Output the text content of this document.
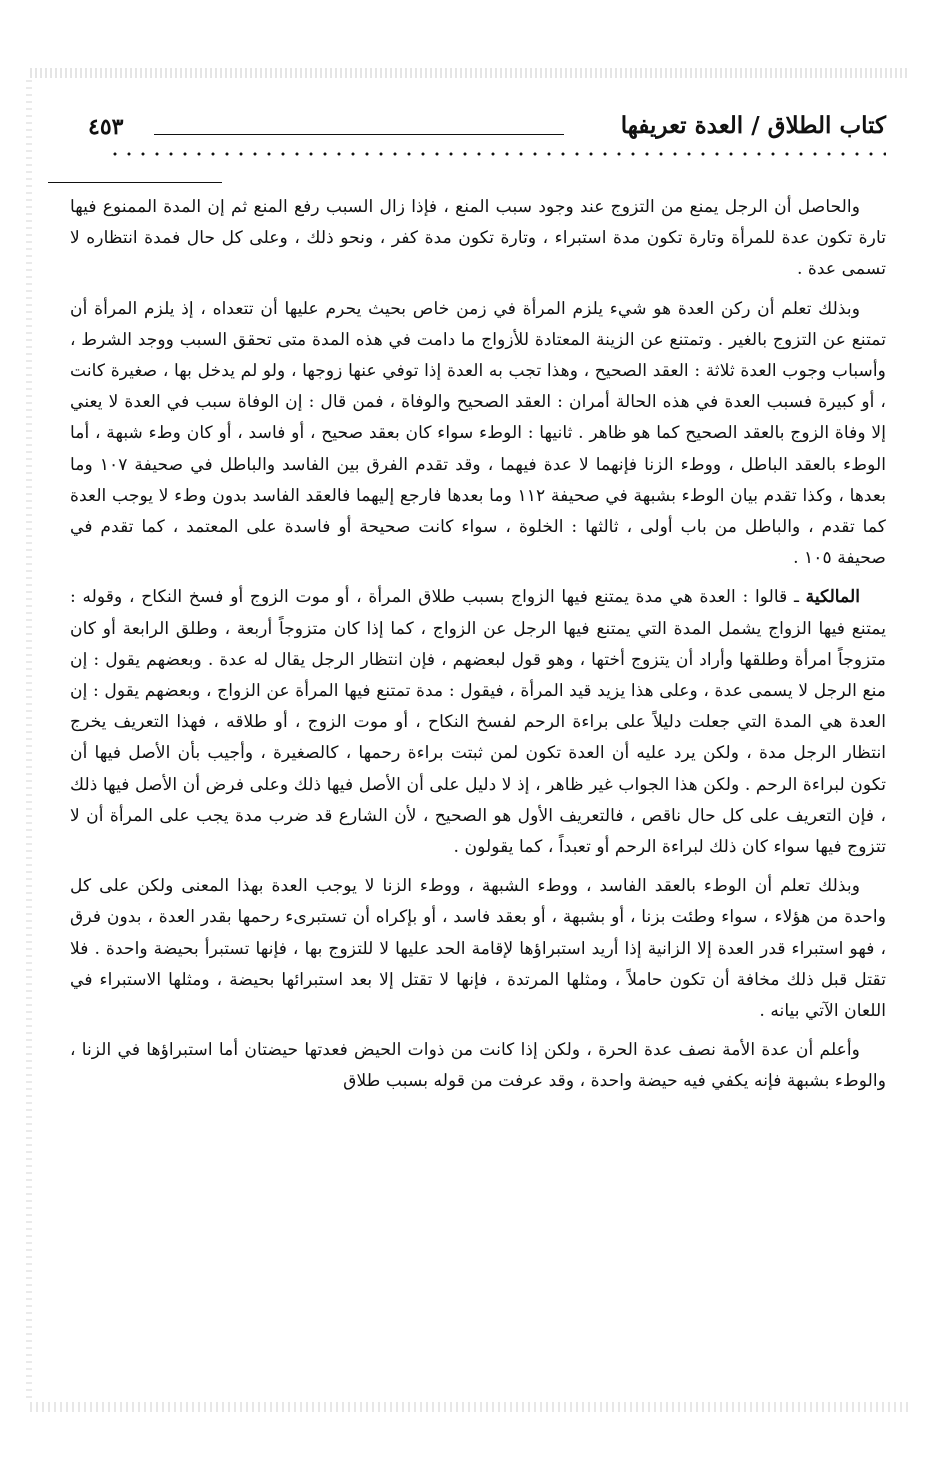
كتاب الطلاق / العدة تعريفها
٤٥٣

والحاصل أن الرجل يمنع من التزوج عند وجود سبب المنع ، فإذا زال السبب رفع المنع ثم إن المدة الممنوع فيها تارة تكون عدة للمرأة وتارة تكون مدة استبراء ، وتارة تكون مدة كفر ، ونحو ذلك ، وعلى كل حال فمدة انتظاره لا تسمى عدة .

وبذلك تعلم أن ركن العدة هو شيء يلزم المرأة في زمن خاص بحيث يحرم عليها أن تتعداه ، إذ يلزم المرأة أن تمتنع عن التزوج بالغير . وتمتنع عن الزينة المعتادة للأزواج ما دامت في هذه المدة متى تحقق السبب ووجد الشرط ، وأسباب وجوب العدة ثلاثة : العقد الصحيح ، وهذا تجب به العدة إذا توفي عنها زوجها ، ولو لم يدخل بها ، صغيرة كانت ، أو كبيرة فسبب العدة في هذه الحالة أمران : العقد الصحيح والوفاة ، فمن قال : إن الوفاة سبب في العدة لا يعني إلا وفاة الزوج بالعقد الصحيح كما هو ظاهر . ثانيها : الوطء سواء كان بعقد صحيح ، أو فاسد ، أو كان وطء شبهة ، أما الوطء بالعقد الباطل ، ووطء الزنا فإنهما لا عدة فيهما ، وقد تقدم الفرق بين الفاسد والباطل في صحيفة ١٠٧ وما بعدها ، وكذا تقدم بيان الوطء بشبهة في صحيفة ١١٢ وما بعدها فارجع إليهما فالعقد الفاسد بدون وطء لا يوجب العدة كما تقدم ، والباطل من باب أولى ، ثالثها : الخلوة ، سواء كانت صحيحة أو فاسدة على المعتمد ، كما تقدم في صحيفة ١٠٥ .

المالكية ـ قالوا : العدة هي مدة يمتنع فيها الزواج بسبب طلاق المرأة ، أو موت الزوج أو فسخ النكاح ، وقوله : يمتنع فيها الزواج يشمل المدة التي يمتنع فيها الرجل عن الزواج ، كما إذا كان متزوجاً أربعة ، وطلق الرابعة أو كان متزوجاً امرأة وطلقها وأراد أن يتزوج أختها ، وهو قول لبعضهم ، فإن انتظار الرجل يقال له عدة . وبعضهم يقول : إن منع الرجل لا يسمى عدة ، وعلى هذا يزيد قيد المرأة ، فيقول : مدة تمتنع فيها المرأة عن الزواج ، وبعضهم يقول : إن العدة هي المدة التي جعلت دليلاً على براءة الرحم لفسخ النكاح ، أو موت الزوج ، أو طلاقه ، فهذا التعريف يخرج انتظار الرجل مدة ، ولكن يرد عليه أن العدة تكون لمن ثبتت براءة رحمها ، كالصغيرة ، وأجيب بأن الأصل فيها أن تكون لبراءة الرحم . ولكن هذا الجواب غير ظاهر ، إذ لا دليل على أن الأصل فيها ذلك وعلى فرض أن الأصل فيها ذلك ، فإن التعريف على كل حال ناقص ، فالتعريف الأول هو الصحيح ، لأن الشارع قد ضرب مدة يجب على المرأة أن لا تتزوج فيها سواء كان ذلك لبراءة الرحم أو تعبداً ، كما يقولون .

وبذلك تعلم أن الوطء بالعقد الفاسد ، ووطء الشبهة ، ووطء الزنا لا يوجب العدة بهذا المعنى ولكن على كل واحدة من هؤلاء ، سواء وطئت بزنا ، أو بشبهة ، أو بعقد فاسد ، أو بإكراه أن تستبرىء رحمها بقدر العدة ، بدون فرق ، فهو استبراء قدر العدة إلا الزانية إذا أريد استبراؤها لإقامة الحد عليها لا للتزوج بها ، فإنها تستبرأ بحيضة واحدة . فلا تقتل قبل ذلك مخافة أن تكون حاملاً ، ومثلها المرتدة ، فإنها لا تقتل إلا بعد استبرائها بحيضة ، ومثلها الاستبراء في اللعان الآتي بيانه .

وأعلم أن عدة الأمة نصف عدة الحرة ، ولكن إذا كانت من ذوات الحيض فعدتها حيضتان أما استبراؤها في الزنا ، والوطء بشبهة فإنه يكفي فيه حيضة واحدة ، وقد عرفت من قوله بسبب طلاق
